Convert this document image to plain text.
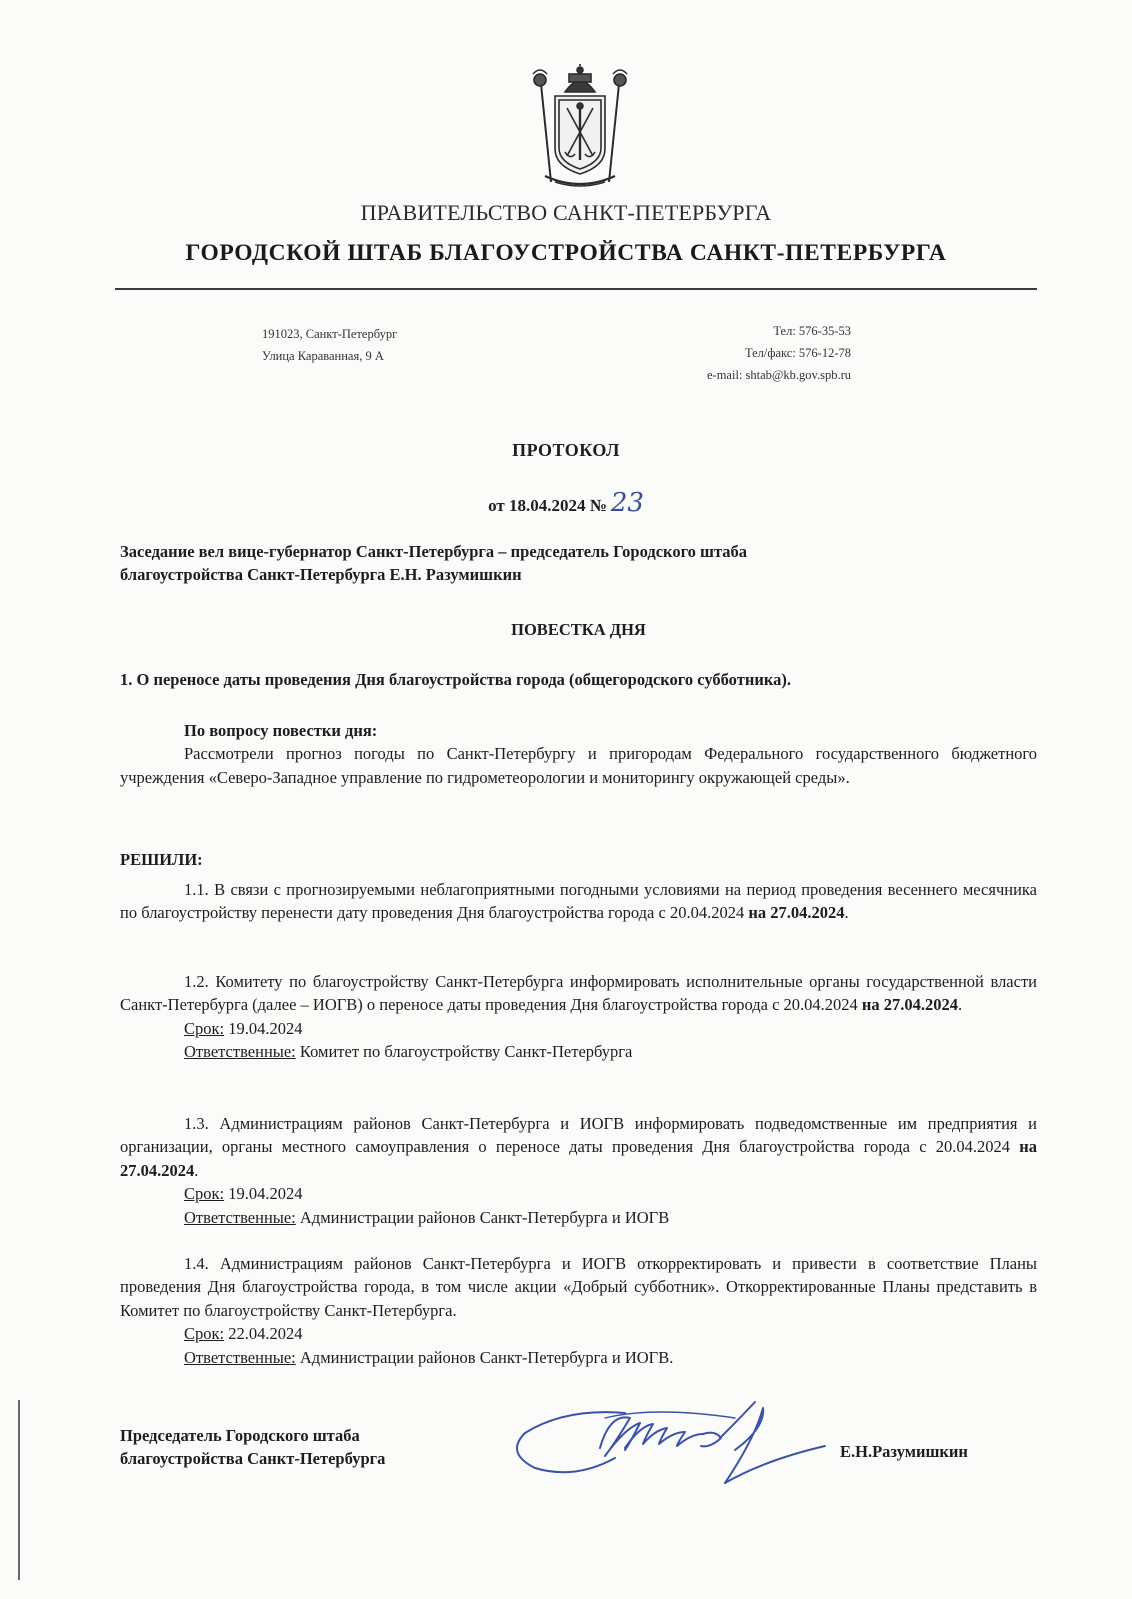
ПРАВИТЕЛЬСТВО САНКТ-ПЕТЕРБУРГА
ГОРОДСКОЙ ШТАБ БЛАГОУСТРОЙСТВА САНКТ-ПЕТЕРБУРГА
191023, Санкт-Петербург
Улица Караванная, 9 А
Тел: 576-35-53
Тел/факс: 576-12-78
e-mail: shtab@kb.gov.spb.ru
ПРОТОКОЛ
от 18.04.2024 № 23
Заседание вел вице-губернатор Санкт-Петербурга – председатель Городского штаба
благоустройства Санкт-Петербурга Е.Н. Разумишкин
ПОВЕСТКА ДНЯ
1. О переносе даты проведения Дня благоустройства города (общегородского субботника).
По вопросу повестки дня:
Рассмотрели прогноз погоды по Санкт-Петербургу и пригородам Федерального государственного бюджетного учреждения «Северо-Западное управление по гидрометеорологии и мониторингу окружающей среды».
РЕШИЛИ:
1.1. В связи с прогнозируемыми неблагоприятными погодными условиями на период проведения весеннего месячника по благоустройству перенести дату проведения Дня благоустройства города с 20.04.2024 на 27.04.2024.
1.2. Комитету по благоустройству Санкт-Петербурга информировать исполнительные органы государственной власти Санкт-Петербурга (далее – ИОГВ) о переносе даты проведения Дня благоустройства города с 20.04.2024 на 27.04.2024.
Срок: 19.04.2024
Ответственные: Комитет по благоустройству Санкт-Петербурга
1.3. Администрациям районов Санкт-Петербурга и ИОГВ информировать подведомственные им предприятия и организации, органы местного самоуправления о переносе даты проведения Дня благоустройства города с 20.04.2024 на 27.04.2024.
Срок: 19.04.2024
Ответственные: Администрации районов Санкт-Петербурга и ИОГВ
1.4. Администрациям районов Санкт-Петербурга и ИОГВ откорректировать и привести в соответствие Планы проведения Дня благоустройства города, в том числе акции «Добрый субботник». Откорректированные Планы представить в Комитет по благоустройству Санкт-Петербурга.
Срок: 22.04.2024
Ответственные: Администрации районов Санкт-Петербурга и ИОГВ.
Председатель Городского штаба
благоустройства Санкт-Петербурга	Е.Н.Разумишкин
